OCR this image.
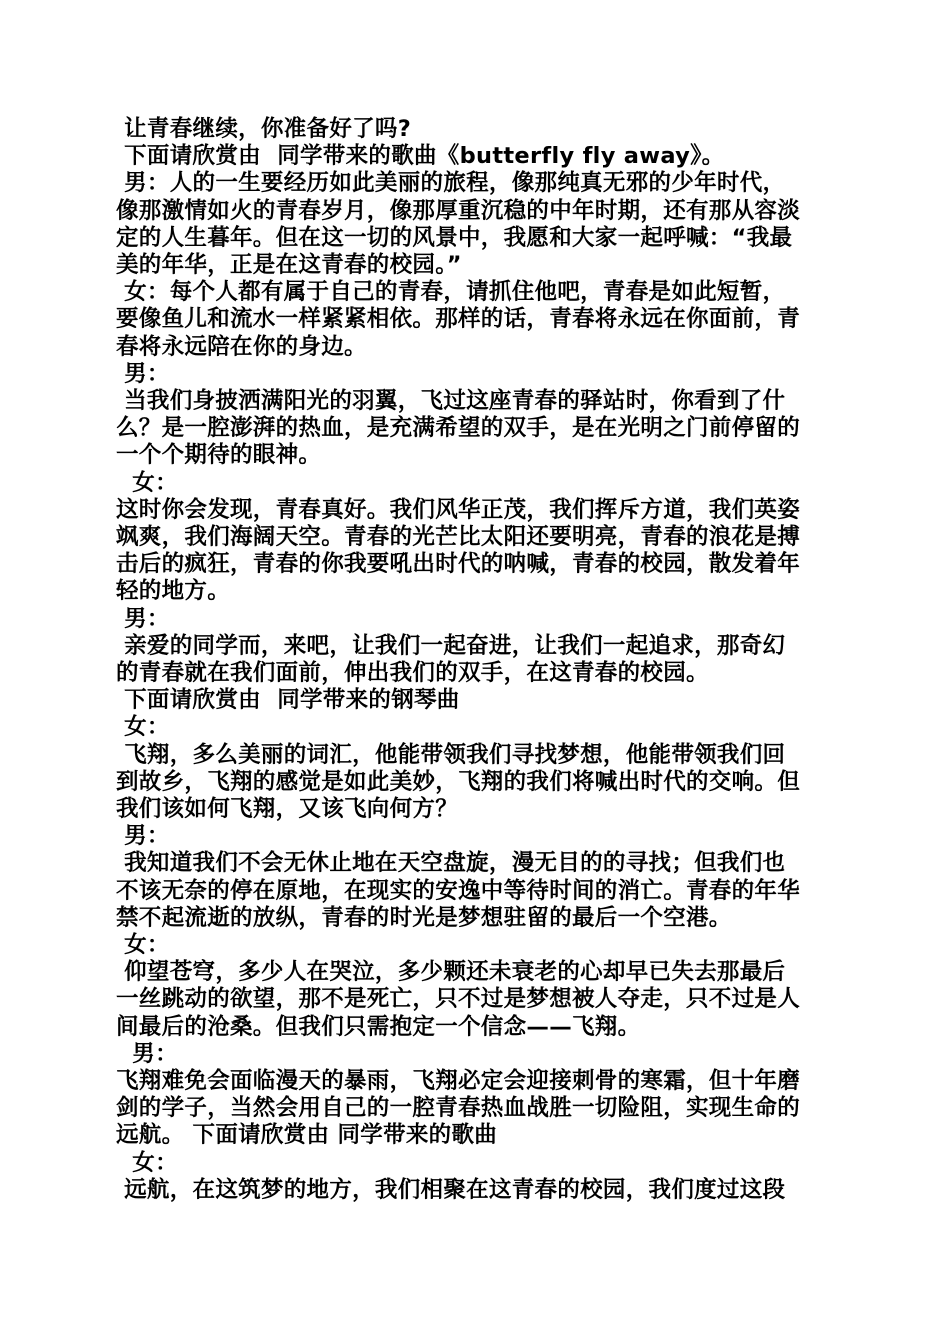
让青春继续，你准备好了吗?
下面请欣赏由  同学带来的歌曲《butterfly fly away》。
男：人的一生要经历如此美丽的旅程，像那纯真无邪的少年时代，
像那激情如火的青春岁月，像那厚重沉稳的中年时期，还有那从容淡
定的人生暮年。但在这一切的风景中，我愿和大家一起呼喊：“我最
美的年华，正是在这青春的校园。”
女：每个人都有属于自己的青春，请抓住他吧，青春是如此短暂，
要像鱼儿和流水一样紧紧相依。那样的话，青春将永远在你面前，青
春将永远陪在你的身边。
男：
当我们身披洒满阳光的羽翼，飞过这座青春的驿站时，你看到了什
么？是一腔澎湃的热血，是充满希望的双手，是在光明之门前停留的
一个个期待的眼神。
女：
这时你会发现，青春真好。我们风华正茂，我们挥斥方道，我们英姿
飒爽，我们海阔天空。青春的光芒比太阳还要明亮，青春的浪花是搏
击后的疯狂，青春的你我要吼出时代的呐喊，青春的校园，散发着年
轻的地方。
男：
亲爱的同学而，来吧，让我们一起奋进，让我们一起追求，那奇幻
的青春就在我们面前，伸出我们的双手，在这青春的校园。
下面请欣赏由  同学带来的钢琴曲
女：
飞翔，多么美丽的词汇，他能带领我们寻找梦想，他能带领我们回
到故乡，飞翔的感觉是如此美妙，飞翔的我们将喊出时代的交响。但
我们该如何飞翔，又该飞向何方？
男：
我知道我们不会无休止地在天空盘旋，漫无目的的寻找；但我们也
不该无奈的停在原地，在现实的安逸中等待时间的消亡。青春的年华
禁不起流逝的放纵，青春的时光是梦想驻留的最后一个空港。
女：
仰望苍穹，多少人在哭泣，多少颗还未衰老的心却早已失去那最后
一丝跳动的欲望，那不是死亡，只不过是梦想被人夺走，只不过是人
间最后的沧桑。但我们只需抱定一个信念——飞翔。
男：
飞翔难免会面临漫天的暴雨，飞翔必定会迎接刺骨的寒霜，但十年磨
剑的学子，当然会用自己的一腔青春热血战胜一切险阻，实现生命的
远航。 下面请欣赏由 同学带来的歌曲
女：
远航，在这筑梦的地方，我们相聚在这青春的校园，我们度过这段
